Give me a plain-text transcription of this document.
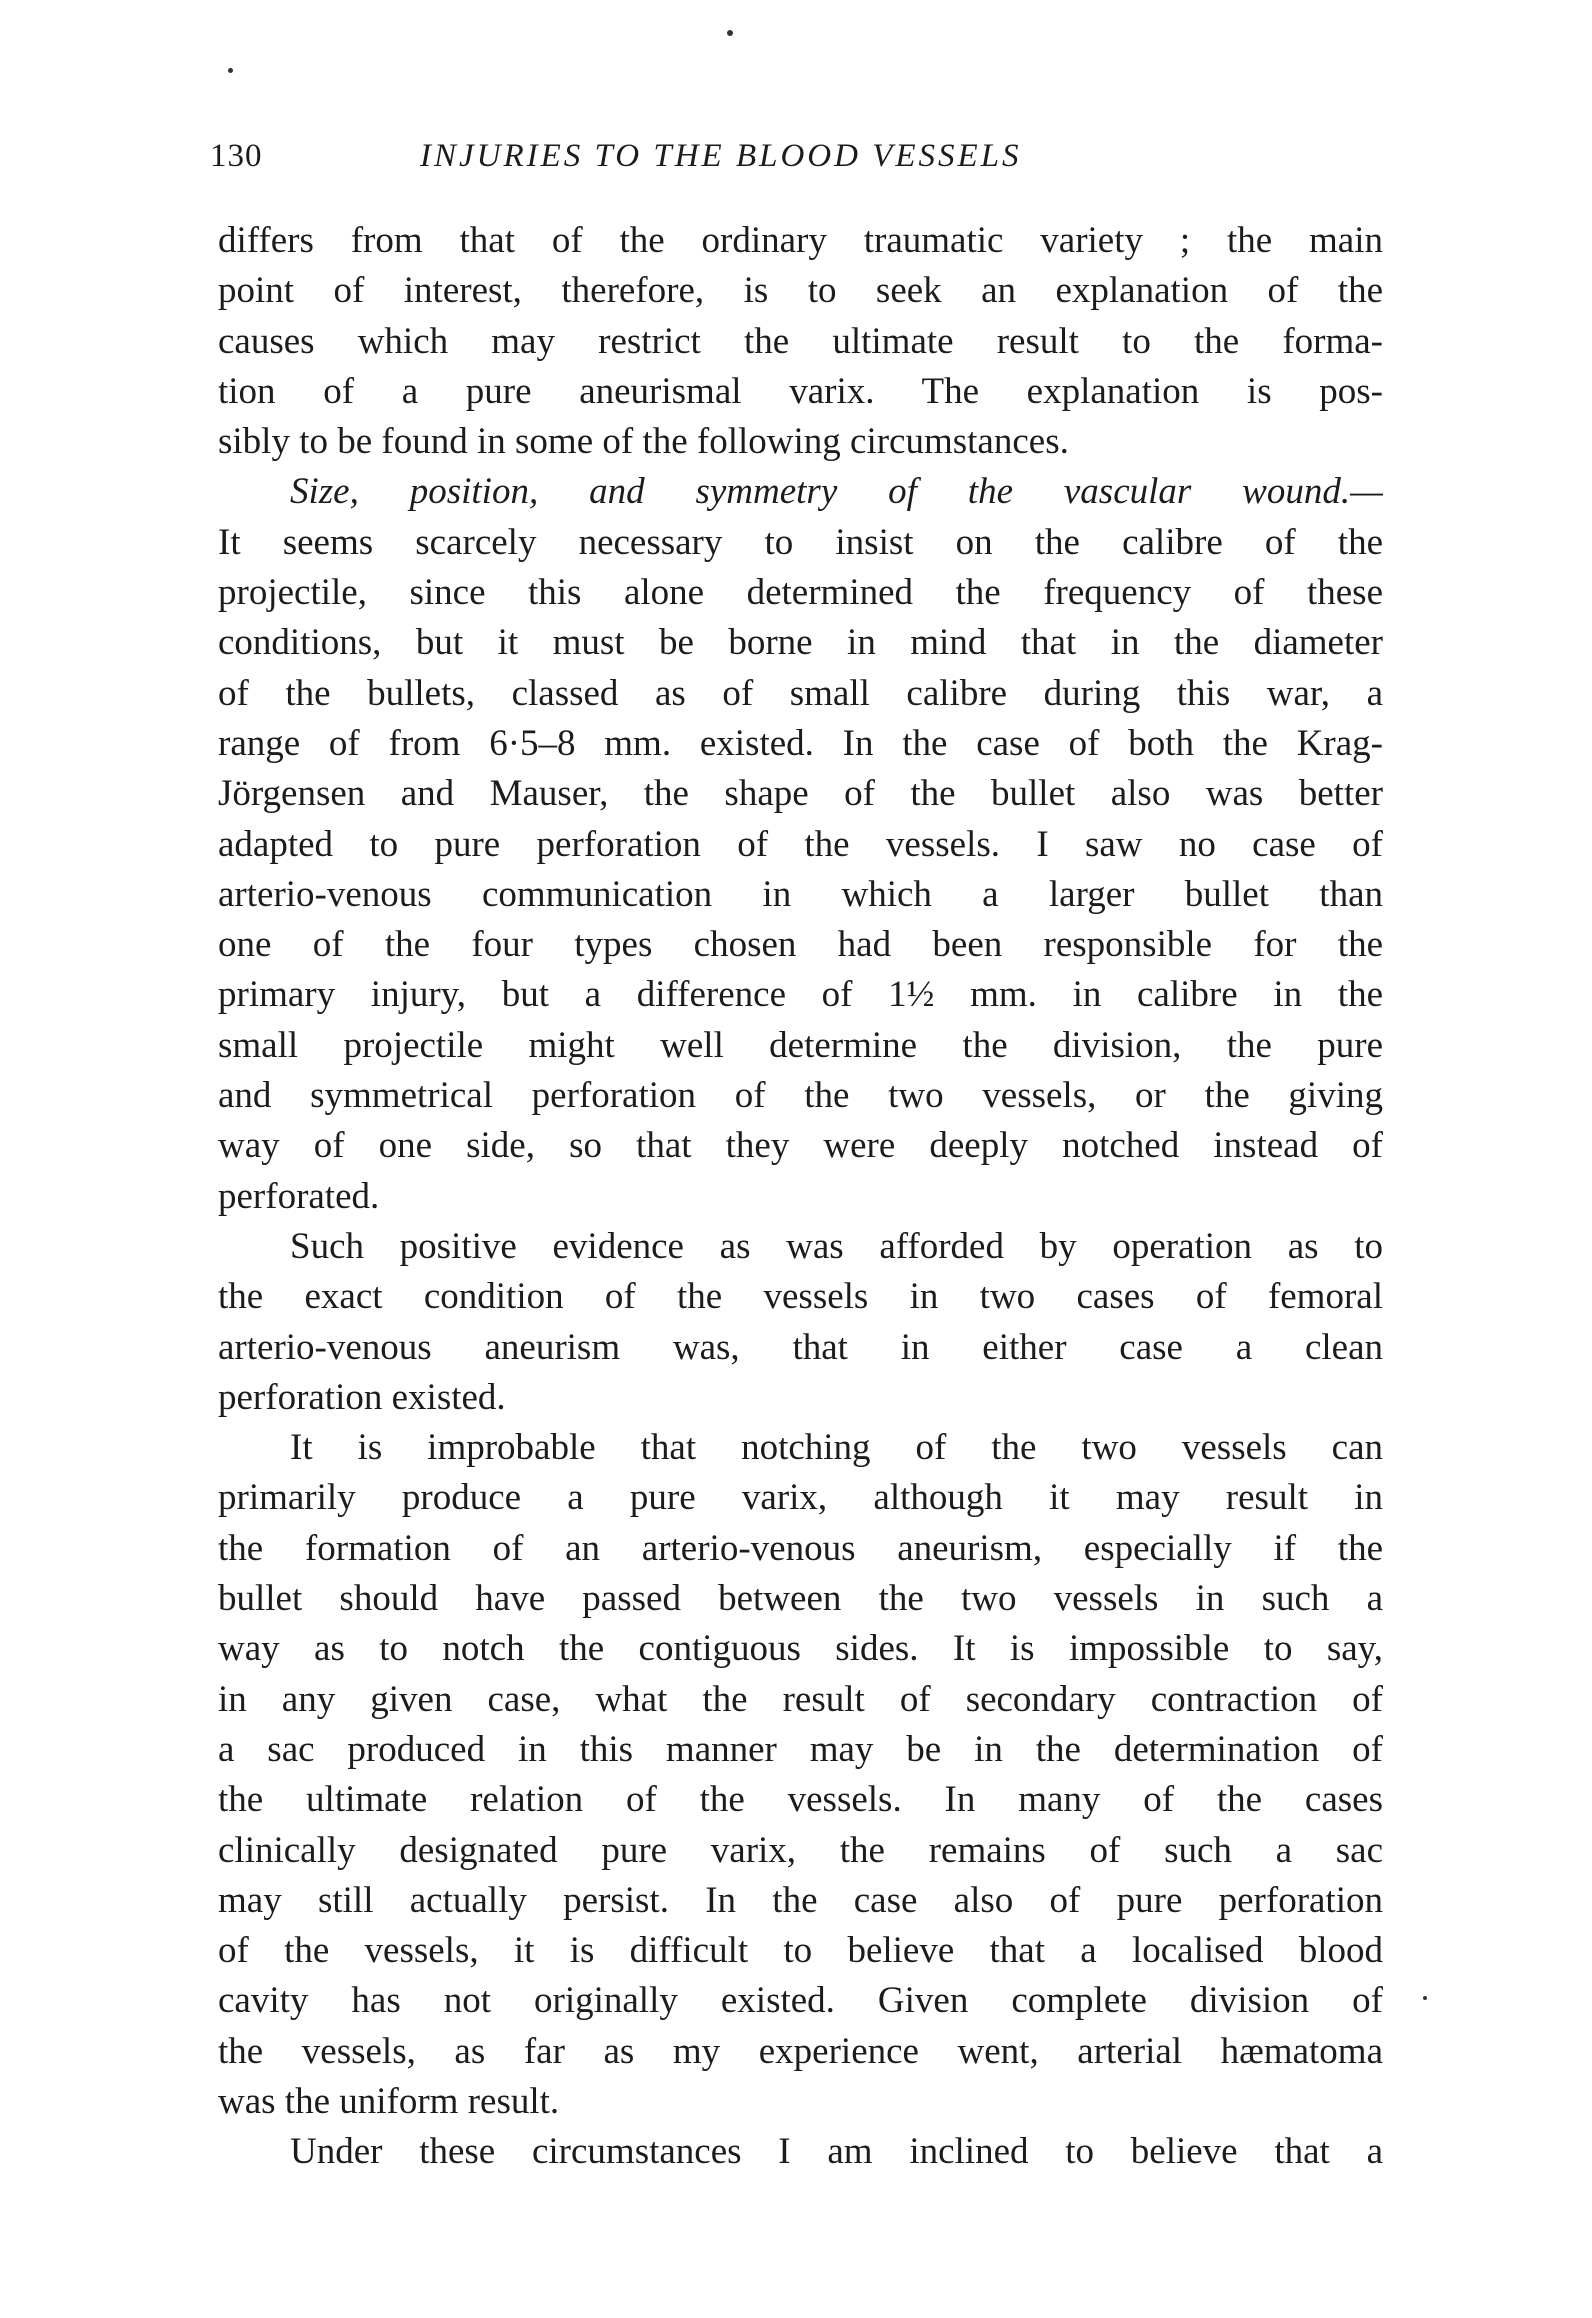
130	INJURIES TO THE BLOOD VESSELS
differs from that of the ordinary traumatic variety ; the main
point of interest, therefore, is to seek an explanation of the
causes which may restrict the ultimate result to the forma-
tion of a pure aneurismal varix. The explanation is pos-
sibly to be found in some of the following circumstances.
Size, position, and symmetry of the vascular wound.—
It seems scarcely necessary to insist on the calibre of the
projectile, since this alone determined the frequency of these
conditions, but it must be borne in mind that in the diameter
of the bullets, classed as of small calibre during this war, a
range of from 6·5–8 mm. existed. In the case of both the Krag-
Jörgensen and Mauser, the shape of the bullet also was better
adapted to pure perforation of the vessels. I saw no case of
arterio-venous communication in which a larger bullet than
one of the four types chosen had been responsible for the
primary injury, but a difference of 1½ mm. in calibre in the
small projectile might well determine the division, the pure
and symmetrical perforation of the two vessels, or the giving
way of one side, so that they were deeply notched instead of
perforated.
Such positive evidence as was afforded by operation as to
the exact condition of the vessels in two cases of femoral
arterio-venous aneurism was, that in either case a clean
perforation existed.
It is improbable that notching of the two vessels can
primarily produce a pure varix, although it may result in
the formation of an arterio-venous aneurism, especially if the
bullet should have passed between the two vessels in such a
way as to notch the contiguous sides. It is impossible to say,
in any given case, what the result of secondary contraction of
a sac produced in this manner may be in the determination of
the ultimate relation of the vessels. In many of the cases
clinically designated pure varix, the remains of such a sac
may still actually persist. In the case also of pure perforation
of the vessels, it is difficult to believe that a localised blood
cavity has not originally existed. Given complete division of
the vessels, as far as my experience went, arterial hæmatoma
was the uniform result.
Under these circumstances I am inclined to believe that a
